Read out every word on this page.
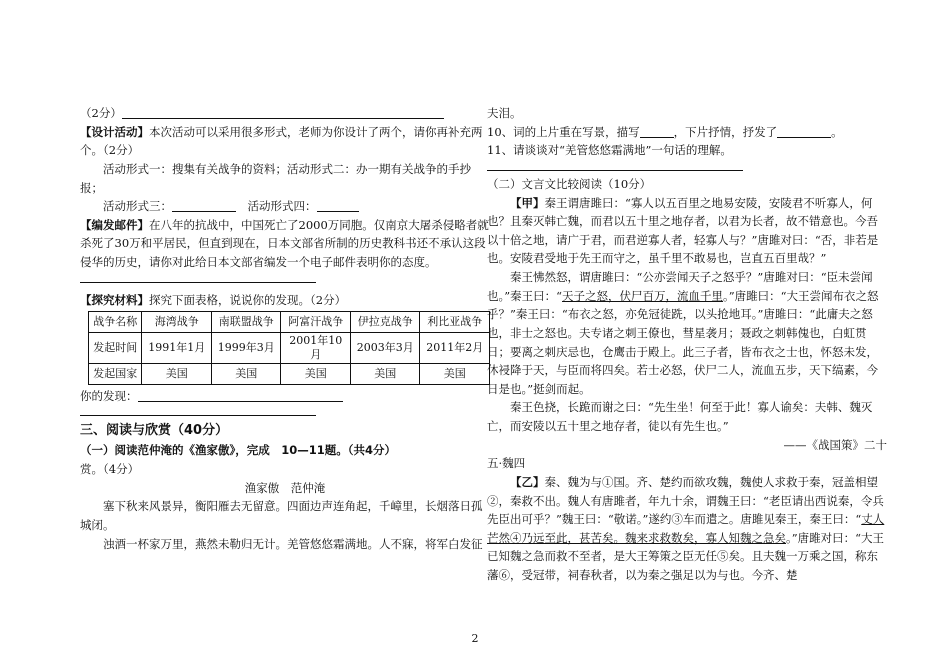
（2分）

【设计活动】本次活动可以采用很多形式，老师为你设计了两个，请你再补充两个。（2分）

活动形式一：搜集有关战争的资料；活动形式二：办一期有关战争的手抄报；

活动形式三：　	活动形式四：

【编发邮件】在八年的抗战中，中国死亡了2000万同胞。仅南京大屠杀侵略者就杀死了30万和平居民，但直到现在，日本文部省所制的历史教科书还不承认这段侵华的历史，请你对此给日本文部省编发一个电子邮件表明你的态度。

【探究材料】探究下面表格，说说你的发现。（2分）

战争名称	海湾战争	南联盟战争	阿富汗战争	伊拉克战争	利比亚战争
发起时间	1991年1月	1999年3月	2001年10月	2003年3月	2011年2月
发起国家	美国	美国	美国	美国	美国

你的发现：

三、阅读与欣赏（40分）

（一）阅读范仲淹的《渔家傲》，完成　10—11题。（共4分）

赏。（4分）

渔家傲　范仲淹

塞下秋来风景异，衡阳雁去无留意。四面边声连角起，千嶂里，长烟落日孤城闭。

浊酒一杯家万里，燕然未勒归无计。羌管悠悠霜满地。人不寐，将军白发征

夫泪。

10、词的上片重在写景，描写	，下片抒情，抒发了	。

11、请谈谈对“羌管悠悠霜满地”一句话的理解。

（二）文言文比较阅读（10分）

【甲】秦王谓唐雎曰：“寡人以五百里之地易安陵，安陵君不听寡人，何也？且秦灭韩亡魏，而君以五十里之地存者，以君为长者，故不错意也。今吾以十倍之地，请广于君，而君逆寡人者，轻寡人与？”唐雎对曰：“否，非若是也。安陵君受地于先王而守之，虽千里不敢易也，岂直五百里哉？”

秦王怫然怒，谓唐雎曰：“公亦尝闻天子之怒乎？”唐雎对曰：“臣未尝闻也。”秦王曰：“天子之怒，伏尸百万，流血千里。”唐雎曰：“大王尝闻布衣之怒乎？”秦王曰：“布衣之怒，亦免冠徒跣，以头抢地耳。”唐雎曰：“此庸夫之怒也，非士之怒也。夫专诸之刺王僚也，彗星袭月；聂政之刺韩傀也，白虹贯日；要离之刺庆忌也，仓鹰击于殿上。此三子者，皆布衣之士也，怀怒未发，休祲降于天，与臣而将四矣。若士必怒，伏尸二人，流血五步，天下缟素，今日是也。”挺剑而起。

秦王色挠，长跪而谢之曰：“先生坐！何至于此！寡人谕矣：夫韩、魏灭亡，而安陵以五十里之地存者，徒以有先生也。”

——《战国策》二十

五·魏四

【乙】秦、魏为与①国。齐、楚约而欲攻魏，魏使人求救于秦，冠盖相望②，秦救不出。魏人有唐雎者，年九十余，谓魏王曰：“老臣请出西说秦，令兵先臣出可乎？”魏王曰：“敬诺。”遂约③车而遣之。唐雎见秦王，秦王曰：“丈人芒然④乃远至此，甚苦矣。魏来求救数矣，寡人知魏之急矣。”唐雎对曰：“大王已知魏之急而救不至者，是大王筹策之臣无任⑤矣。且夫魏一万乘之国，称东藩⑥，受冠带，祠春秋者，以为秦之强足以为与也。今齐、楚

2
